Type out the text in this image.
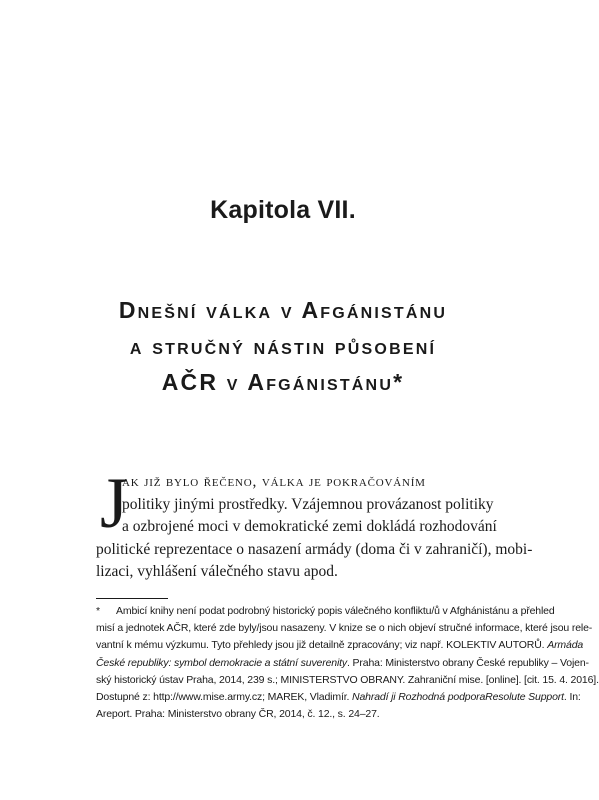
Kapitola VII.
Dnešní válka v Afgánistánu
a stručný nástin působení
AČR v Afgánistánu*
J
ak již bylo řečeno, válka je pokračováním
politiky jinými prostředky. Vzájemnou provázanost politiky
a ozbrojené moci v demokratické zemi dokládá rozhodování
politické reprezentace o nasazení armády (doma či v zahraničí), mobi-
lizaci, vyhlášení válečného stavu apod.
* Ambicí knihy není podat podrobný historický popis válečného konfliktu/ů v Afghánistánu a přehled
misí a jednotek AČR, které zde byly/jsou nasazeny. V knize se o nich objeví stručné informace, které jsou rele-
vantní k mému výzkumu. Tyto přehledy jsou již detailně zpracovány; viz např. KOLEKTIV AUTORŮ. Armáda
České republiky: symbol demokracie a státní suverenity. Praha: Ministerstvo obrany České republiky – Vojen-
ský historický ústav Praha, 2014, 239 s.; MINISTERSTVO OBRANY. Zahraniční mise. [online]. [cit. 15. 4. 2016].
Dostupné z: http://www.mise.army.cz; MAREK, Vladimír. Nahradí ji Rozhodná podporaResolute Support. In:
Areport. Praha: Ministerstvo obrany ČR, 2014, č. 12., s. 24–27.
